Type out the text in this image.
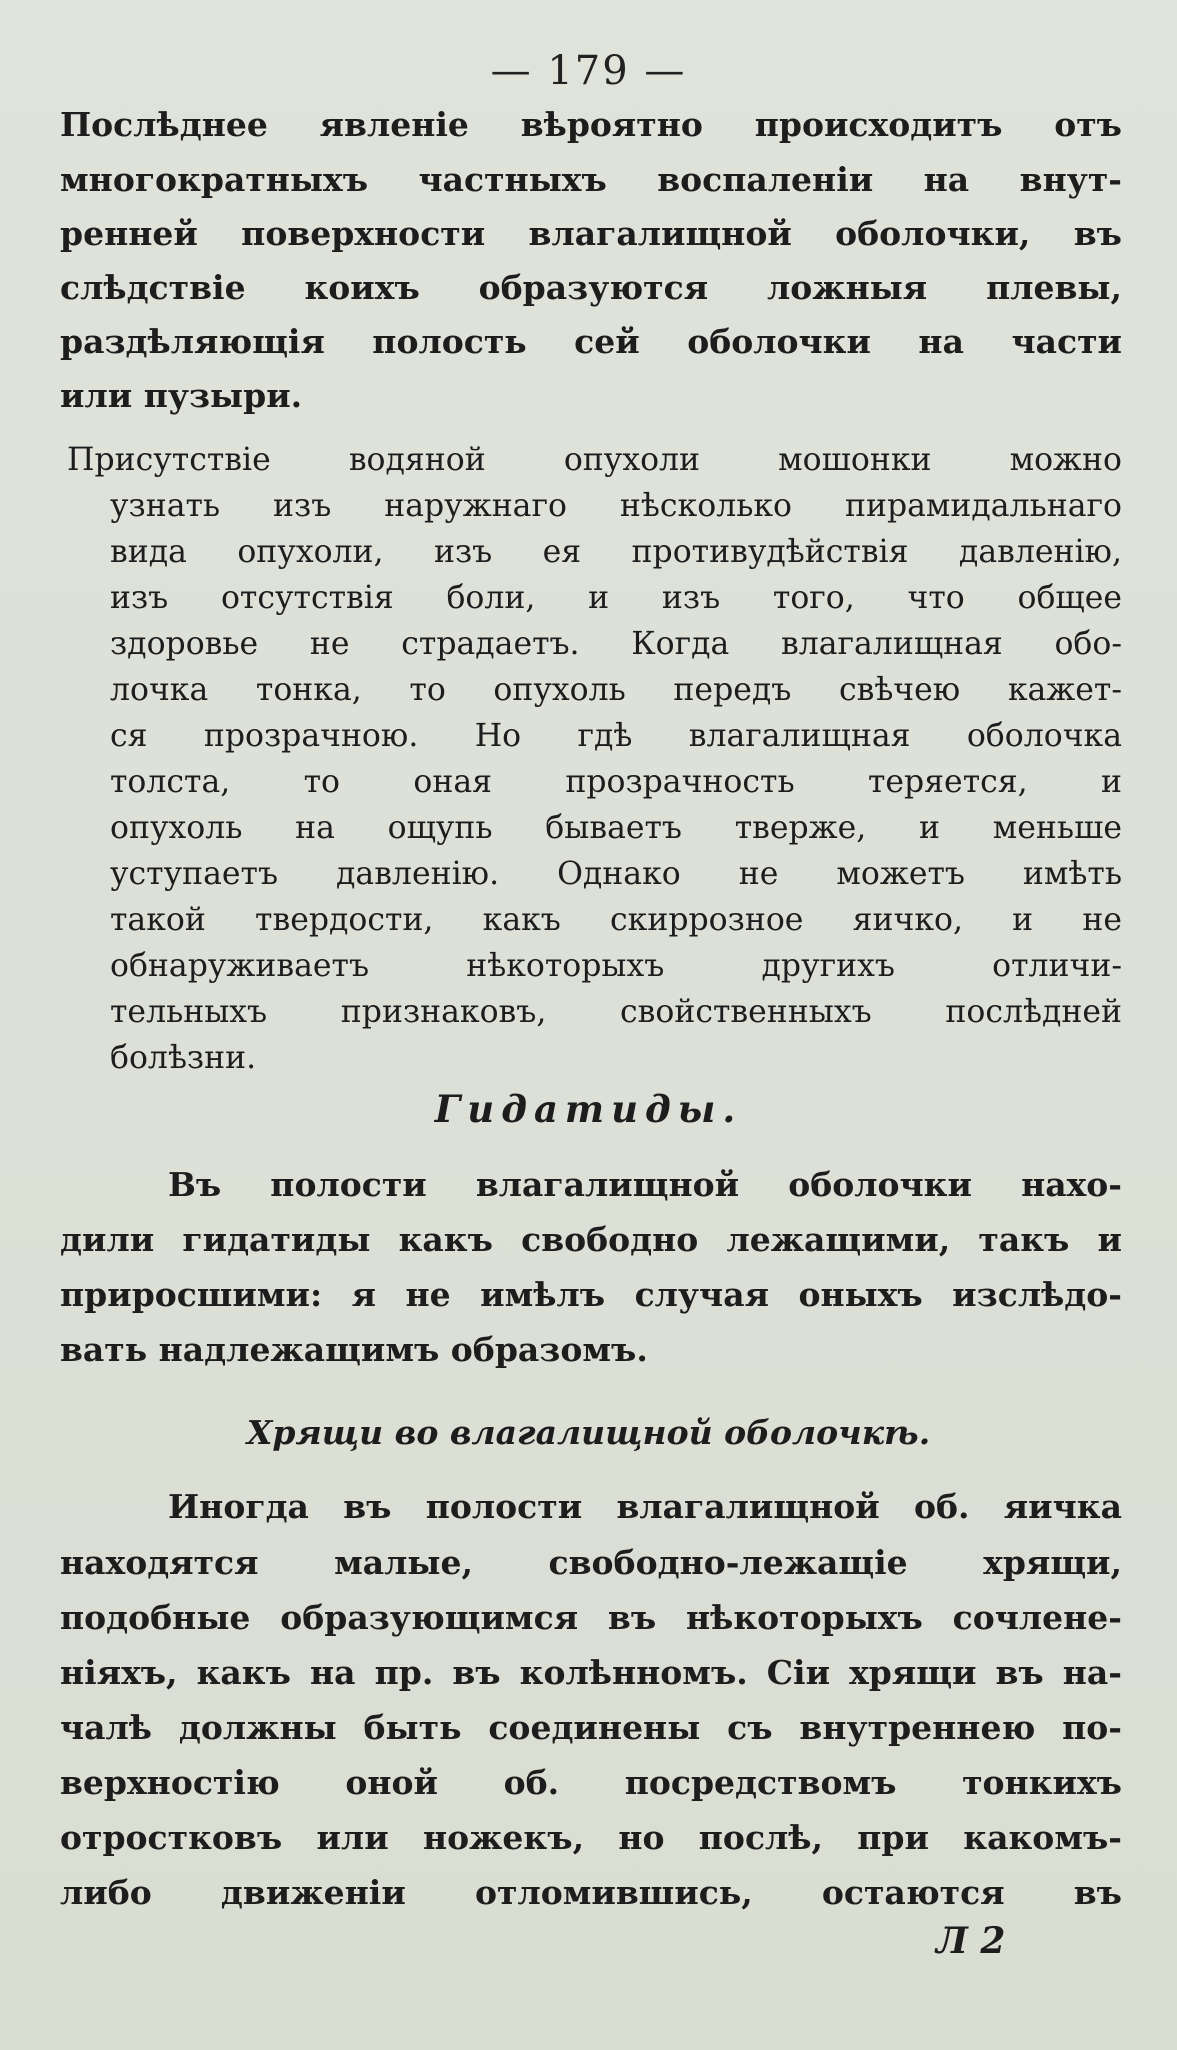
— 179 —
Послѣднее явленіе вѣроятно происходитъ отъ
многократныхъ частныхъ воспаленіи на внут-
ренней поверхности влагалищной оболочки, въ
слѣдствіе коихъ образуются ложныя плевы,
раздѣляющія полость сей оболочки на части
или пузыри.
Присутствіе водяной опухоли мошонки можно
узнать изъ наружнаго нѣсколько пирамидальнаго
вида опухоли, изъ ея противудѣйствія давленію,
изъ отсутствія боли, и изъ того, что общее
здоровье не страдаетъ. Когда влагалищная обо-
лочка тонка, то опухоль передъ свѣчею кажет-
ся прозрачною. Но гдѣ влагалищная оболочка
толста, то оная прозрачность теряется, и
опухоль на ощупь бываетъ тверже, и меньше
уступаетъ давленію. Однако не можетъ имѣть
такой твердости, какъ скиррозное яичко, и не
обнаруживаетъ нѣкоторыхъ другихъ отличи-
тельныхъ признаковъ, свойственныхъ послѣдней
болѣзни.
Гидатиды.
Въ полости влагалищной оболочки нахо-
дили гидатиды какъ свободно лежащими, такъ и
приросшими: я не имѣлъ случая оныхъ изслѣдо-
вать надлежащимъ образомъ.
Хрящи во влагалищной оболочкѣ.
Иногда въ полости влагалищной об. яичка
находятся малые, свободно-лежащіе хрящи,
подобные образующимся въ нѣкоторыхъ сочлене-
ніяхъ, какъ на пр. въ колѣнномъ. Сіи хрящи въ на-
чалѣ должны быть соединены съ внутреннею по-
верхностію оной об. посредствомъ тонкихъ
отростковъ или ножекъ, но послѣ, при какомъ-
либо движеніи отломившись, остаются въ
Л 2
